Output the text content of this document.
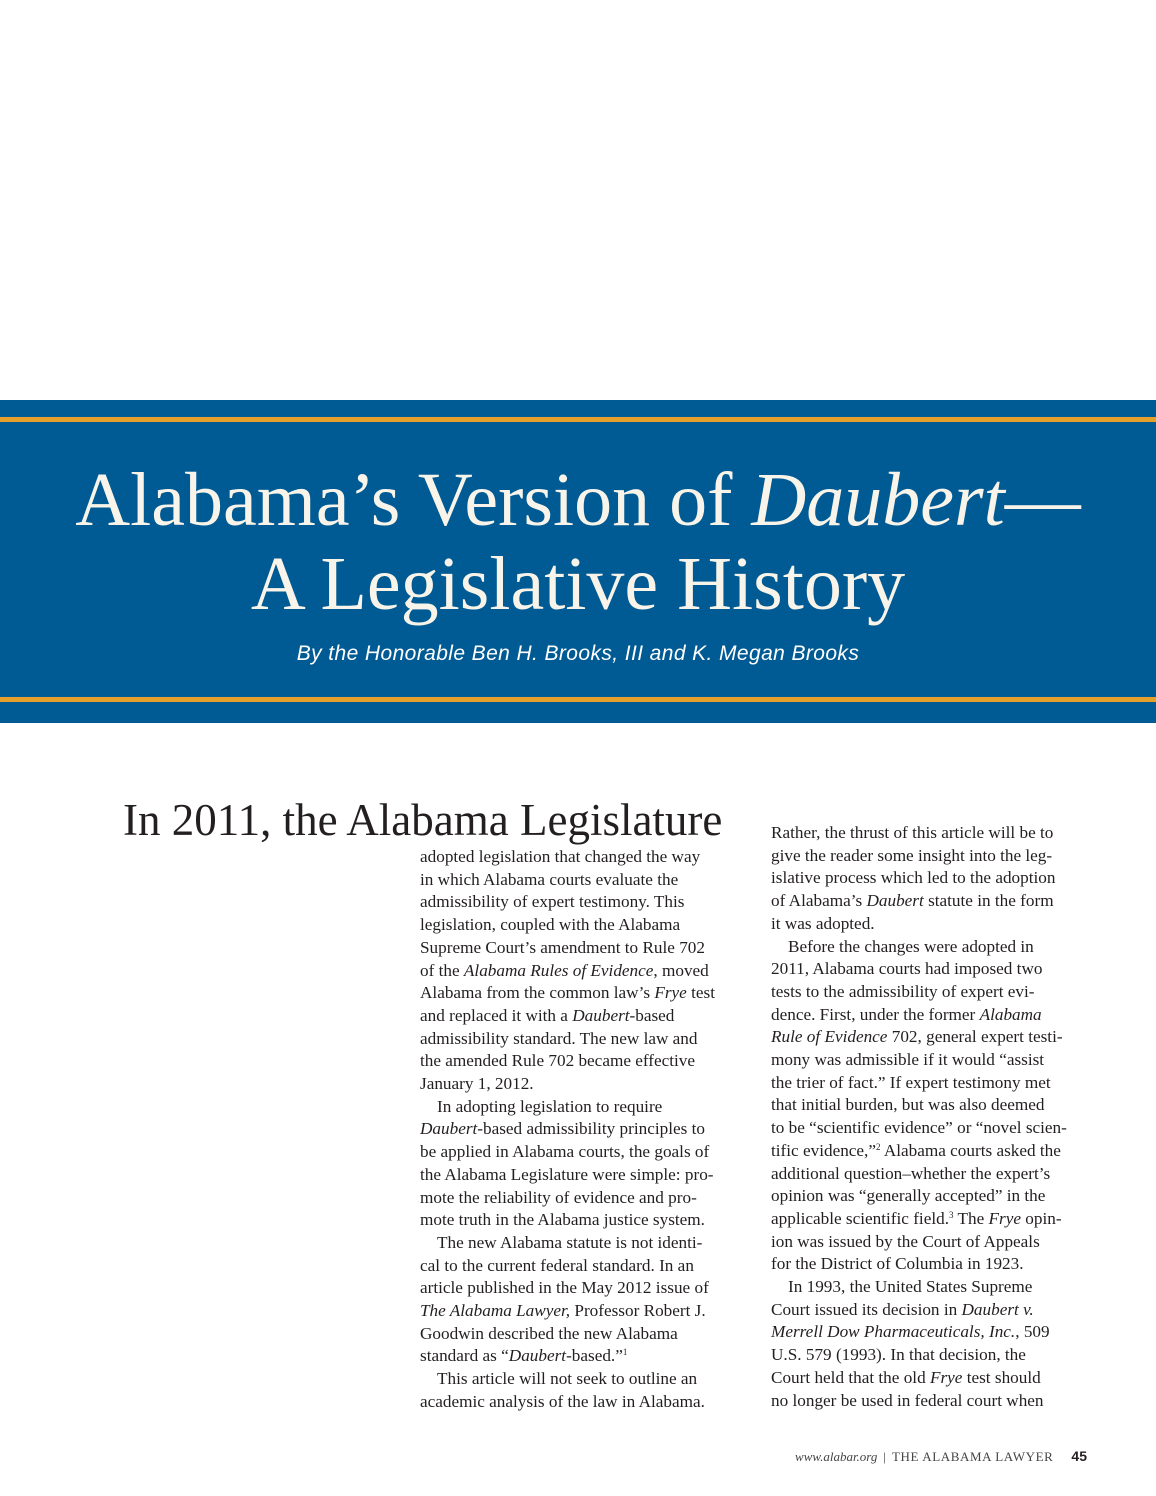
Alabama’s Version of Daubert—
A Legislative History

By the Honorable Ben H. Brooks, III and K. Megan Brooks

In 2011, the Alabama Legislature
adopted legislation that changed the way
in which Alabama courts evaluate the
admissibility of expert testimony. This
legislation, coupled with the Alabama
Supreme Court’s amendment to Rule 702
of the Alabama Rules of Evidence, moved
Alabama from the common law’s Frye test
and replaced it with a Daubert-based
admissibility standard. The new law and
the amended Rule 702 became effective
January 1, 2012.
In adopting legislation to require
Daubert-based admissibility principles to
be applied in Alabama courts, the goals of
the Alabama Legislature were simple: pro-
mote the reliability of evidence and pro-
mote truth in the Alabama justice system.
The new Alabama statute is not identi-
cal to the current federal standard. In an
article published in the May 2012 issue of
The Alabama Lawyer, Professor Robert J.
Goodwin described the new Alabama
standard as “Daubert-based.”$^1$
This article will not seek to outline an
academic analysis of the law in Alabama.
Rather, the thrust of this article will be to
give the reader some insight into the leg-
islative process which led to the adoption
of Alabama’s Daubert statute in the form
it was adopted.
Before the changes were adopted in
2011, Alabama courts had imposed two
tests to the admissibility of expert evi-
dence. First, under the former Alabama
Rule of Evidence 702, general expert testi-
mony was admissible if it would “assist
the trier of fact.” If expert testimony met
that initial burden, but was also deemed
to be “scientific evidence” or “novel scien-
tific evidence,”$^2$ Alabama courts asked the
additional question–whether the expert’s
opinion was “generally accepted” in the
applicable scientific field.$^3$ The Frye opin-
ion was issued by the Court of Appeals
for the District of Columbia in 1923.
In 1993, the United States Supreme
Court issued its decision in Daubert v.
Merrell Dow Pharmaceuticals, Inc., 509
U.S. 579 (1993). In that decision, the
Court held that the old Frye test should
no longer be used in federal court when
www.alabar.org | THE ALABAMA LAWYER 45
